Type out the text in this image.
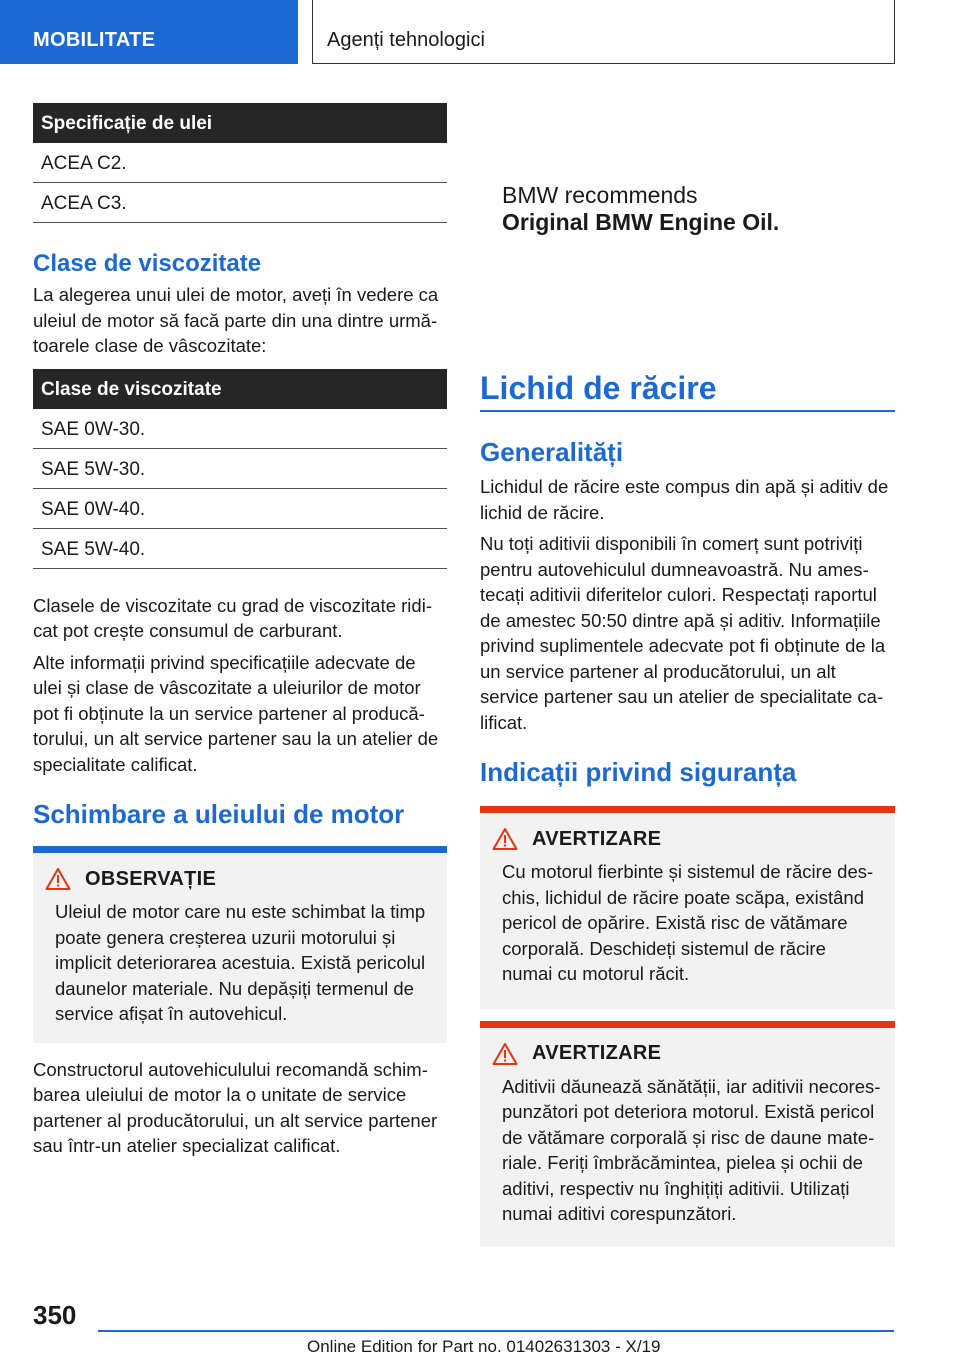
MOBILITATE	Agenți tehnologici
Specificație de ulei
ACEA C2.
ACEA C3.
Clase de viscozitate
La alegerea unui ulei de motor, aveți în vedere ca uleiul de motor să facă parte din una dintre următoarele clase de vâscozitate:
Clase de viscozitate
SAE 0W-30.
SAE 5W-30.
SAE 0W-40.
SAE 5W-40.
Clasele de viscozitate cu grad de viscozitate ridicat pot crește consumul de carburant.
Alte informații privind specificațiile adecvate de ulei și clase de vâscozitate a uleiurilor de motor pot fi obținute la un service partener al producătorului, un alt service partener sau la un atelier de specialitate calificat.
Schimbare a uleiului de motor
OBSERVAȚIE
Uleiul de motor care nu este schimbat la timp poate genera creșterea uzurii motorului și implicit deteriorarea acestuia. Există pericolul daunelor materiale. Nu depășiți termenul de service afișat în autovehicul.
Constructorul autovehiculului recomandă schimbarea uleiului de motor la o unitate de service partener al producătorului, un alt service partener sau într-un atelier specializat calificat.
BMW recommends
Original BMW Engine Oil.
Lichid de răcire
Generalități
Lichidul de răcire este compus din apă și aditiv de lichid de răcire.
Nu toți aditivii disponibili în comerț sunt potriviți pentru autovehiculul dumneavoastră. Nu amestecați aditivii diferitelor culori. Respectați raportul de amestec 50:50 dintre apă și aditiv. Informațiile privind suplimentele adecvate pot fi obținute de la un service partener al producătorului, un alt service partener sau un atelier de specialitate calificat.
Indicații privind siguranța
AVERTIZARE
Cu motorul fierbinte și sistemul de răcire deschis, lichidul de răcire poate scăpa, existând pericol de opărire. Există risc de vătămare corporală. Deschideți sistemul de răcire numai cu motorul răcit.
AVERTIZARE
Aditivii dăunează sănătății, iar aditivii necorespunzători pot deteriora motorul. Există pericol de vătămare corporală și risc de daune materiale. Feriți îmbrăcămintea, pielea și ochii de aditivi, respectiv nu înghițiți aditivii. Utilizați numai aditivi corespunzători.
350
Online Edition for Part no. 01402631303 - X/19
